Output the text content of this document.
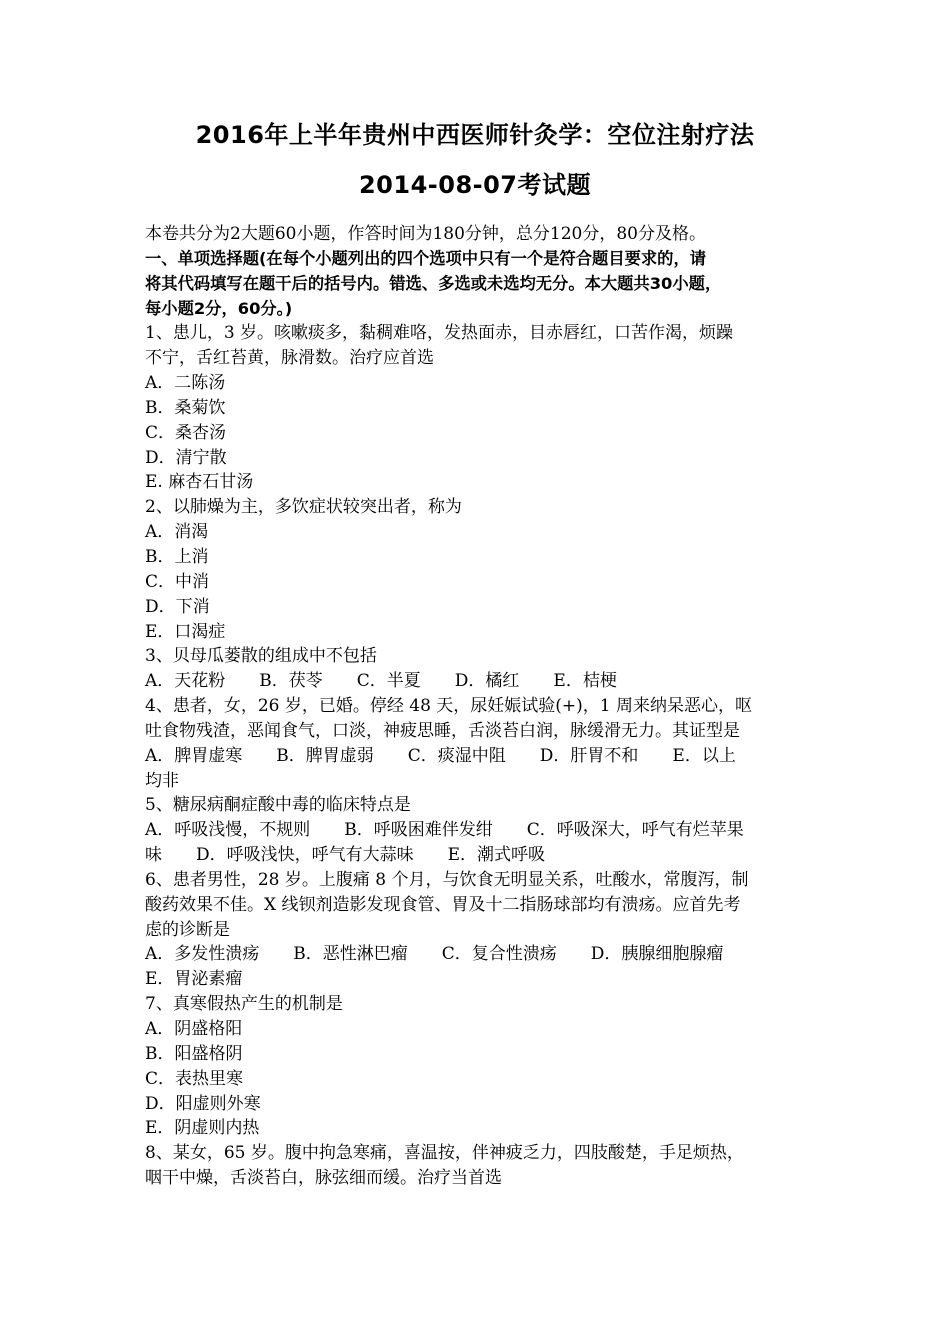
2016年上半年贵州中西医师针灸学：空位注射疗法
2014-08-07考试题
本卷共分为2大题60小题，作答时间为180分钟，总分120分，80分及格。
一、单项选择题(在每个小题列出的四个选项中只有一个是符合题目要求的，请
将其代码填写在题干后的括号内。错选、多选或未选均无分。本大题共30小题，
每小题2分，60分。)
1、患儿，3 岁。咳嗽痰多，黏稠难咯，发热面赤，目赤唇红，口苦作渴，烦躁
不宁，舌红苔黄，脉滑数。治疗应首选
A．二陈汤
B．桑菊饮
C．桑杏汤
D．清宁散
E. 麻杏石甘汤
2、以肺燥为主，多饮症状较突出者，称为
A．消渴
B．上消
C．中消
D．下消
E．口渴症
3、贝母瓜蒌散的组成中不包括
A．天花粉　　B．茯苓　　C．半夏　　D．橘红　　E．桔梗
4、患者，女，26 岁，已婚。停经 48 天，尿妊娠试验(+)，1 周来纳呆恶心，呕
吐食物残渣，恶闻食气，口淡，神疲思睡，舌淡苔白润，脉缓滑无力。其证型是
A．脾胃虚寒　　B．脾胃虚弱　　C．痰湿中阻　　D．肝胃不和　　E．以上
均非
5、糖尿病酮症酸中毒的临床特点是
A．呼吸浅慢，不规则　　B．呼吸困难伴发绀　　C．呼吸深大，呼气有烂苹果
味　　D．呼吸浅快，呼气有大蒜味　　E．潮式呼吸
6、患者男性，28 岁。上腹痛 8 个月，与饮食无明显关系，吐酸水，常腹泻，制
酸药效果不佳。X 线钡剂造影发现食管、胃及十二指肠球部均有溃疡。应首先考
虑的诊断是
A．多发性溃疡　　B．恶性淋巴瘤　　C．复合性溃疡　　D．胰腺细胞腺瘤
E．胃泌素瘤
7、真寒假热产生的机制是
A．阴盛格阳
B．阳盛格阴
C．表热里寒
D．阳虚则外寒
E．阴虚则内热
8、某女，65 岁。腹中拘急寒痛，喜温按，伴神疲乏力，四肢酸楚，手足烦热，
咽干中燥，舌淡苔白，脉弦细而缓。治疗当首选
